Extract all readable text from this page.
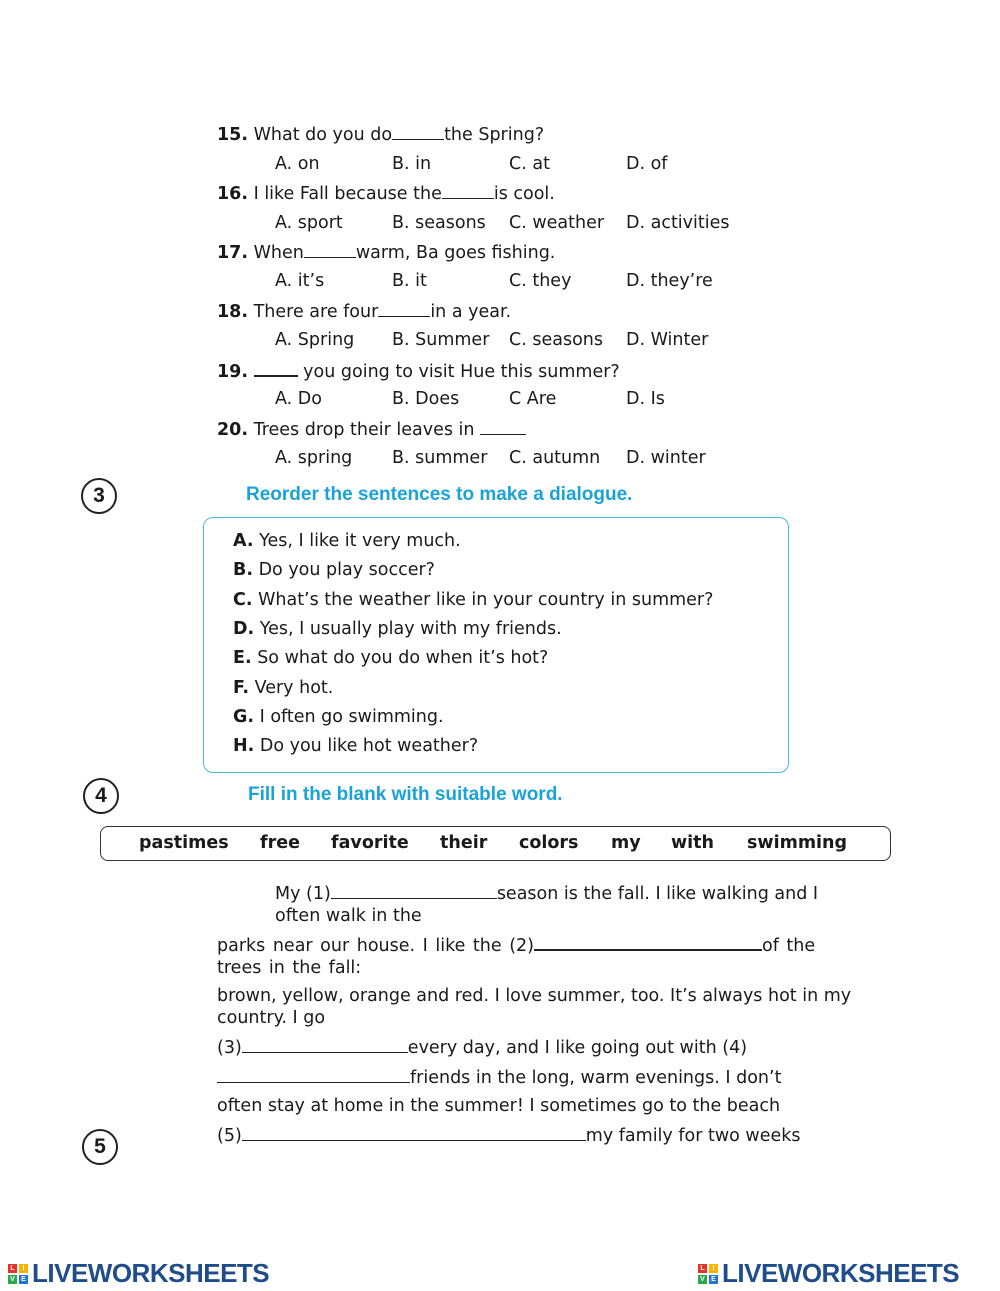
15. What do you do	the Spring?
A. on	B. in	C. at	D. of
16. I like Fall because the	is cool.
A. sport	B. seasons C. weather D. activities
17. When	warm, Ba goes fishing.
A. it’s	B. it	C. they	D. they’re
18. There are four	in a year.
A. Spring B. Summer C. seasons D. Winter
19.	you going to visit Hue this summer?
A. Do	B. Does	C Are	D. Is
20. Trees drop their leaves in
A. spring B. summer C. autumn D. winter
3	Reorder the sentences to make a dialogue.
A. Yes, I like it very much.
B. Do you play soccer?
C. What’s the weather like in your country in summer?
D. Yes, I usually play with my friends.
E. So what do you do when it’s hot?
F. Very hot.
G. I often go swimming.
H. Do you like hot weather?
4	Fill in the blank with suitable word.
pastimes free favorite their colors my with swimming
My (1)	season is the fall. I like walking and I often walk in the
parks near our house. I like the (2)	of the trees in the fall:
brown, yellow, orange and red. I love summer, too. It’s always hot in my country. I go
(3)	every day, and I like going out with (4)
friends in the long, warm evenings. I don’t
often stay at home in the summer! I sometimes go to the beach
(5)	my family for two weeks
5
L	I
V E LIVEWORKSHEETS	L	I
V E LIVEWORKSHEETS
